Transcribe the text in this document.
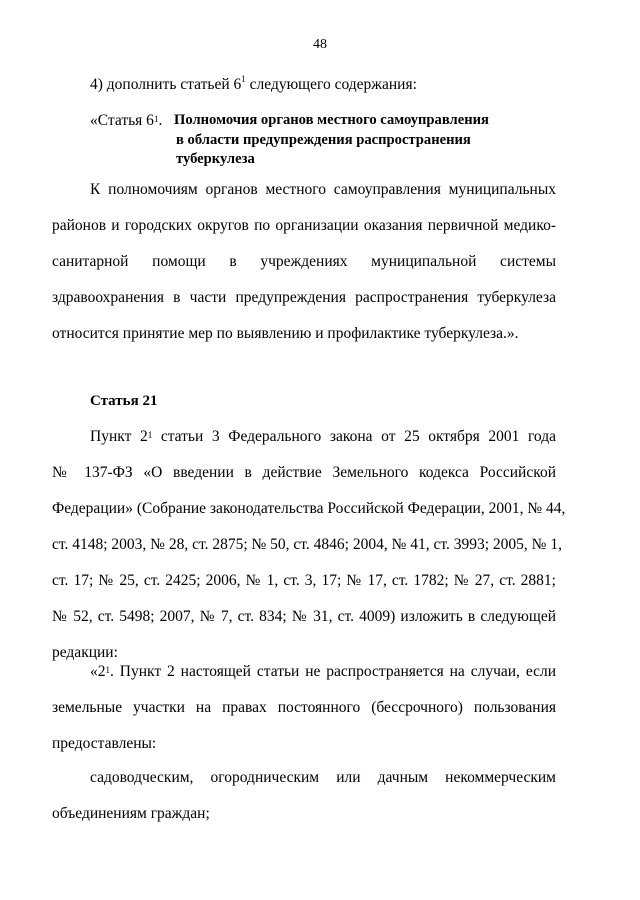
48
4) дополнить статьей $6^1$ следующего содержания:
«Статья $6^1$. Полномочия органов местного самоуправления
в области предупреждения распространения
туберкулеза
К полномочиям органов местного самоуправления муниципальных
районов и городских округов по организации оказания первичной медико-
санитарной помощи в учреждениях муниципальной системы
здравоохранения в части предупреждения распространения туберкулеза
относится принятие мер по выявлению и профилактике туберкулеза.».
Статья 21
Пункт $2^1$ статьи 3 Федерального закона от 25 октября 2001 года
№ 137-ФЗ «О введении в действие Земельного кодекса Российской
Федерации» (Собрание законодательства Российской Федерации, 2001, № 44,
ст. 4148; 2003, № 28, ст. 2875; № 50, ст. 4846; 2004, № 41, ст. 3993; 2005, № 1,
ст. 17; № 25, ст. 2425; 2006, № 1, ст. 3, 17; № 17, ст. 1782; № 27, ст. 2881;
№ 52, ст. 5498; 2007, № 7, ст. 834; № 31, ст. 4009) изложить в следующей
редакции:
«$2^1$. Пункт 2 настоящей статьи не распространяется на случаи, если
земельные участки на правах постоянного (бессрочного) пользования
предоставлены:
садоводческим, огородническим или дачным некоммерческим
объединениям граждан;
